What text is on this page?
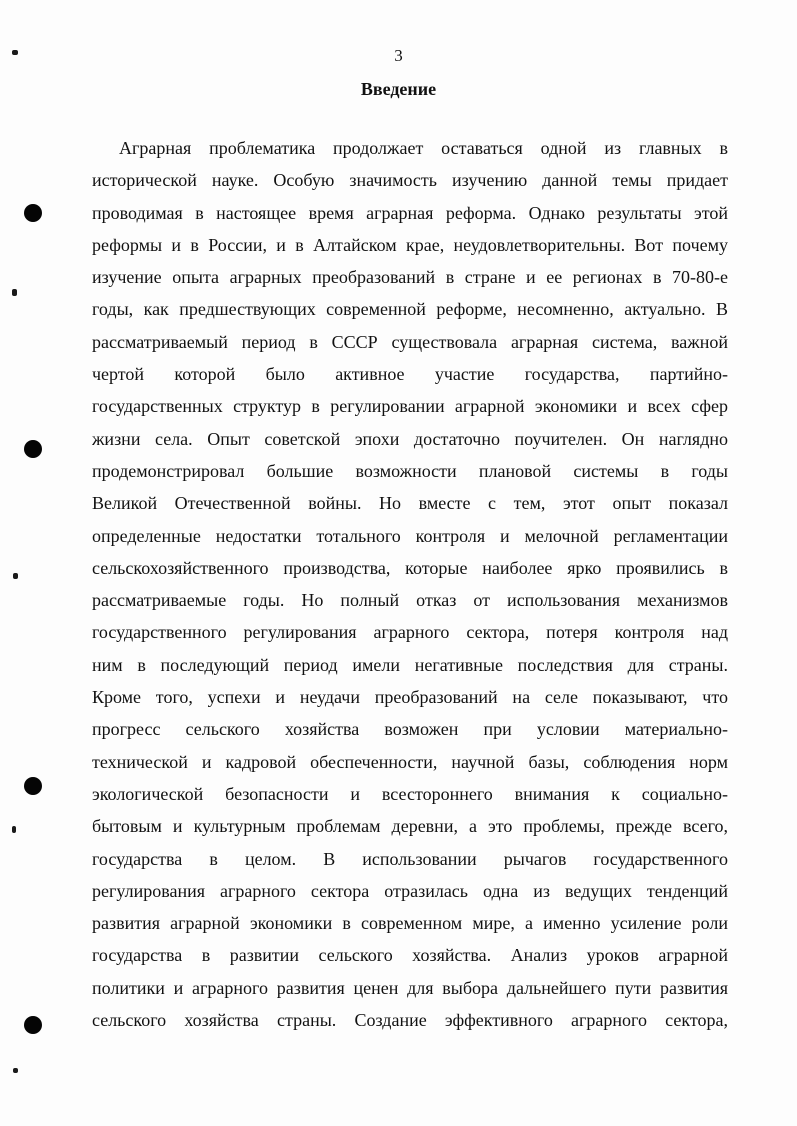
3
Введение
Аграрная проблематика продолжает оставаться одной из главных в
исторической науке. Особую значимость изучению данной темы придает
проводимая в настоящее время аграрная реформа. Однако результаты этой
реформы и в России, и в Алтайском крае, неудовлетворительны. Вот почему
изучение опыта аграрных преобразований в стране и ее регионах в 70-80-е
годы, как предшествующих современной реформе, несомненно, актуально. В
рассматриваемый период в СССР существовала аграрная система, важной
чертой которой было активное участие государства, партийно-
государственных структур в регулировании аграрной экономики и всех сфер
жизни села. Опыт советской эпохи достаточно поучителен. Он наглядно
продемонстрировал большие возможности плановой системы в годы
Великой Отечественной войны. Но вместе с тем, этот опыт показал
определенные недостатки тотального контроля и мелочной регламентации
сельскохозяйственного производства, которые наиболее ярко проявились в
рассматриваемые годы. Но полный отказ от использования механизмов
государственного регулирования аграрного сектора, потеря контроля над
ним в последующий период имели негативные последствия для страны.
Кроме того, успехи и неудачи преобразований на селе показывают, что
прогресс сельского хозяйства возможен при условии материально-
технической и кадровой обеспеченности, научной базы, соблюдения норм
экологической безопасности и всестороннего внимания к социально-
бытовым и культурным проблемам деревни, а это проблемы, прежде всего,
государства в целом. В использовании рычагов государственного
регулирования аграрного сектора отразилась одна из ведущих тенденций
развития аграрной экономики в современном мире, а именно усиление роли
государства в развитии сельского хозяйства. Анализ уроков аграрной
политики и аграрного развития ценен для выбора дальнейшего пути развития
сельского хозяйства страны. Создание эффективного аграрного сектора,
